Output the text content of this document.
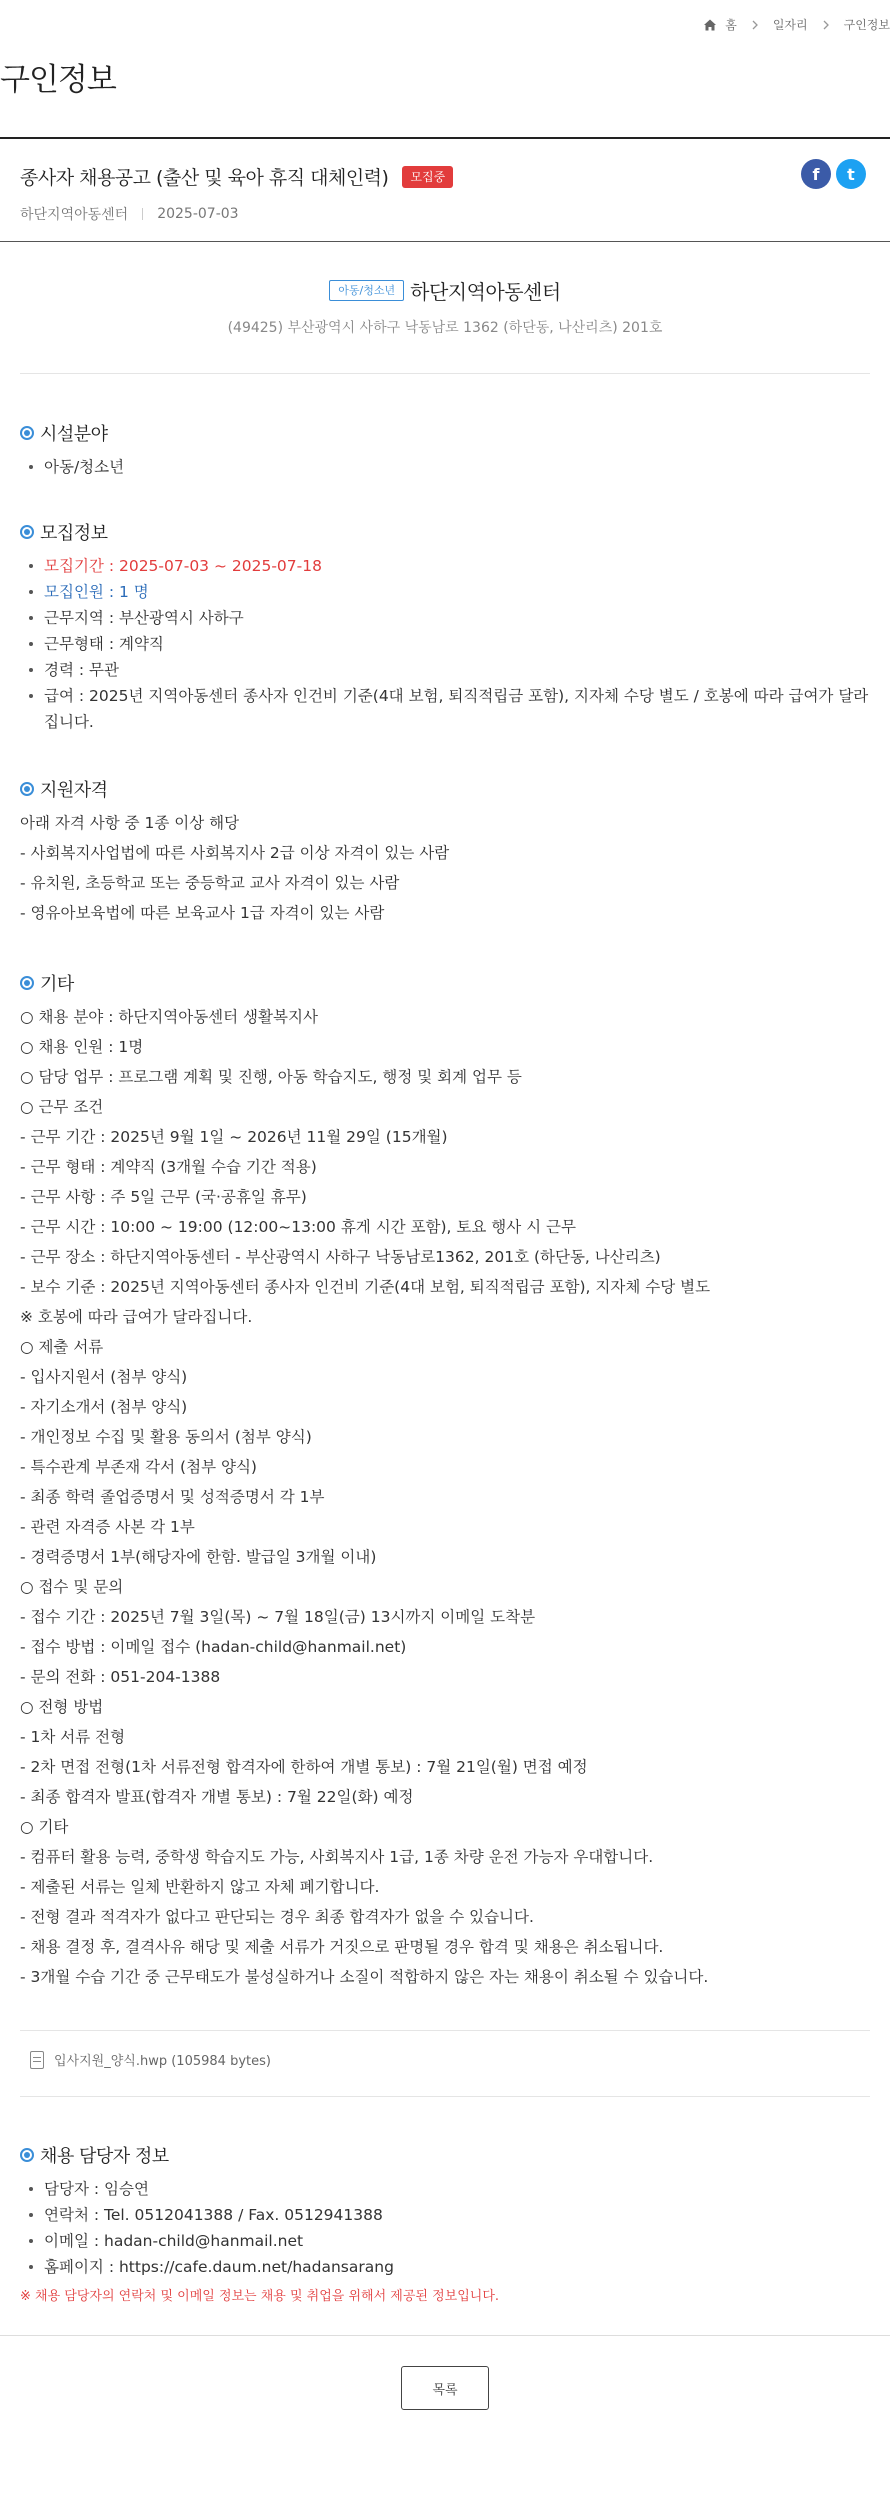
홈	일자리	구인정보
구인정보
종사자 채용공고 (출산 및 육아 휴직 대체인력)	모집중	f	t
하단지역아동센터 2025-07-03
아동/청소년 하단지역아동센터
(49425) 부산광역시 사하구 낙동남로 1362 (하단동, 나산리츠) 201호
시설분야
아동/청소년
모집정보
모집기간 : 2025-07-03 ~ 2025-07-18
모집인원 : 1 명
근무지역 : 부산광역시 사하구
근무형태 : 계약직
경력 : 무관
급여 : 2025년 지역아동센터 종사자 인건비 기준(4대 보험, 퇴직적립금 포함), 지자체 수당 별도 / 호봉에 따라 급여가 달라집니다.
지원자격
아래 자격 사항 중 1종 이상 해당
- 사회복지사업법에 따른 사회복지사 2급 이상 자격이 있는 사람
- 유치원, 초등학교 또는 중등학교 교사 자격이 있는 사람
- 영유아보육법에 따른 보육교사 1급 자격이 있는 사람
기타
○ 채용 분야 : 하단지역아동센터 생활복지사
○ 채용 인원 : 1명
○ 담당 업무 : 프로그램 계획 및 진행, 아동 학습지도, 행정 및 회계 업무 등
○ 근무 조건
- 근무 기간 : 2025년 9월 1일 ~ 2026년 11월 29일 (15개월)
- 근무 형태 : 계약직 (3개월 수습 기간 적용)
- 근무 사항 : 주 5일 근무 (국·공휴일 휴무)
- 근무 시간 : 10:00 ~ 19:00 (12:00~13:00 휴게 시간 포함), 토요 행사 시 근무
- 근무 장소 : 하단지역아동센터 - 부산광역시 사하구 낙동남로1362, 201호 (하단동, 나산리츠)
- 보수 기준 : 2025년 지역아동센터 종사자 인건비 기준(4대 보험, 퇴직적립금 포함), 지자체 수당 별도
※ 호봉에 따라 급여가 달라집니다.
○ 제출 서류
- 입사지원서 (첨부 양식)
- 자기소개서 (첨부 양식)
- 개인정보 수집 및 활용 동의서 (첨부 양식)
- 특수관계 부존재 각서 (첨부 양식)
- 최종 학력 졸업증명서 및 성적증명서 각 1부
- 관련 자격증 사본 각 1부
- 경력증명서 1부(해당자에 한함. 발급일 3개월 이내)
○ 접수 및 문의
- 접수 기간 : 2025년 7월 3일(목) ~ 7월 18일(금) 13시까지 이메일 도착분
- 접수 방법 : 이메일 접수 (hadan-child@hanmail.net)
- 문의 전화 : 051-204-1388
○ 전형 방법
- 1차 서류 전형
- 2차 면접 전형(1차 서류전형 합격자에 한하여 개별 통보) : 7월 21일(월) 면접 예정
- 최종 합격자 발표(합격자 개별 통보) : 7월 22일(화) 예정
○ 기타
- 컴퓨터 활용 능력, 중학생 학습지도 가능, 사회복지사 1급, 1종 차량 운전 가능자 우대합니다.
- 제출된 서류는 일체 반환하지 않고 자체 폐기합니다.
- 전형 결과 적격자가 없다고 판단되는 경우 최종 합격자가 없을 수 있습니다.
- 채용 결정 후, 결격사유 해당 및 제출 서류가 거짓으로 판명될 경우 합격 및 채용은 취소됩니다.
- 3개월 수습 기간 중 근무태도가 불성실하거나 소질이 적합하지 않은 자는 채용이 취소될 수 있습니다.
입사지원_양식.hwp (105984 bytes)
채용 담당자 정보
담당자 : 임승연
연락처 : Tel. 0512041388 / Fax. 0512941388
이메일 : hadan-child@hanmail.net
홈페이지 : https://cafe.daum.net/hadansarang
※ 채용 담당자의 연락처 및 이메일 정보는 채용 및 취업을 위해서 제공된 정보입니다.
목록
